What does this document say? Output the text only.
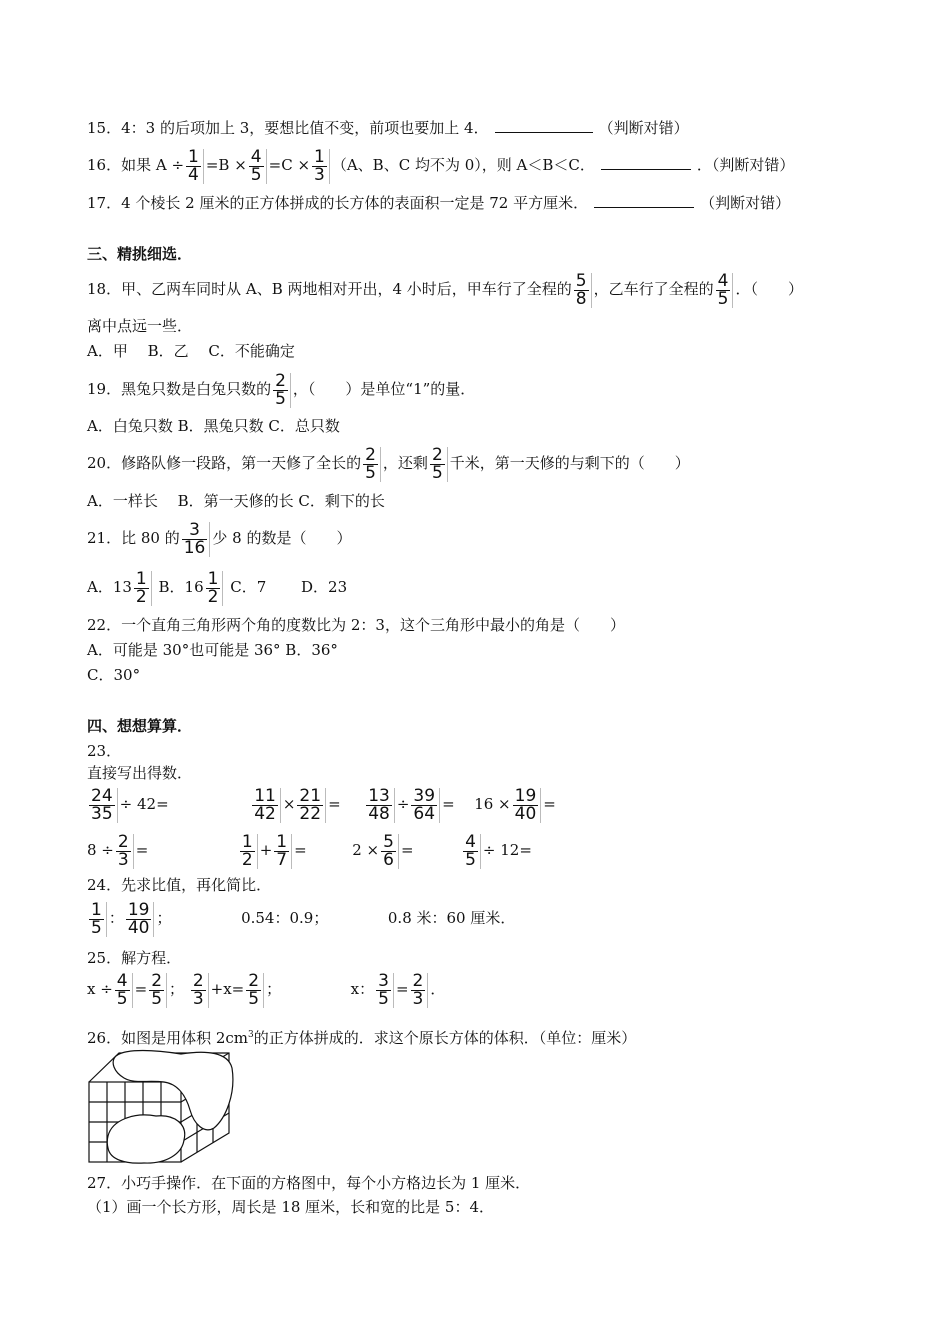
15．4：3 的后项加上 3，要想比值不变，前项也要加上 4．	（判断对错）
16．如果 $A \div \frac{1}{4} =B \times \frac{4}{5} =C \times \frac{1}{3} (A$、B、C 均不为 0），则 A＜B＜C．	．（判断对错）
17．4 个棱长 2 厘米的正方体拼成的长方体的表面积一定是 72 平方厘米．	（判断对错）
三、精挑细选．
18．甲、乙两车同时从 A、B 两地相对开出，4 小时后，甲车行了全程的 $\frac{5}{8}$ ，乙车行了全程的 $\frac{4}{5}$ ．（　　）
离中点远一些．
A．甲　 B．乙　 C．不能确定
19．黑兔只数是白兔只数的 $\frac{2}{5}$ ，（　　）是单位“1”的量．
A．白兔只数 B．黑兔只数 C．总只数
20．修路队修一段路，第一天修了全长的 $\frac{2}{5}$ ，还剩 $\frac{2}{5}$ 千米，第一天修的与剩下的（　　）
A．一样长　 B．第一天修的长 C．剩下的长
21．比 80 的 $\frac{3}{16}$ 少 8 的数是（　　）
A．$13 \frac{1}{2}$ B．$16 \frac{1}{2}$ C．7　　 D．23
22．一个直角三角形两个角的度数比为 2：3，这个三角形中最小的角是（　　）
A．可能是 30°也可能是 36° B．36°
C．30°
四、想想算算．
23．
直接写出得数．
$\frac{24}{35} \div 42=$	$\frac{11}{42} \times \frac{21}{22} = \frac{13}{48} \div \frac{39}{64} = 16 \times \frac{19}{40}$ =
$8 \div \frac{2}{3}$ =	$\frac{1}{2} + \frac{1}{7}$ =	$2 \times \frac{5}{6}$ =	$\frac{4}{5} \div 12=$
24．先求比值，再化简比．
$\frac{1}{5}$ ： $\frac{19}{40}$ ；	0.54：0.9；	0.8 米：60 厘米．
25．解方程．
$x \div \frac{4}{5} = \frac{2}{5}$ ； $\frac{2}{3} +x= \frac{2}{5}$ ；	x： $\frac{3}{5} = \frac{2}{3}$ ．
26．如图是用体积 $2cm^3$的正方体拼成的．求这个原长方体的体积．（单位：厘米）
27．小巧手操作．在下面的方格图中，每个小方格边长为 1 厘米．
（1）画一个长方形，周长是 18 厘米，长和宽的比是 5：4．
